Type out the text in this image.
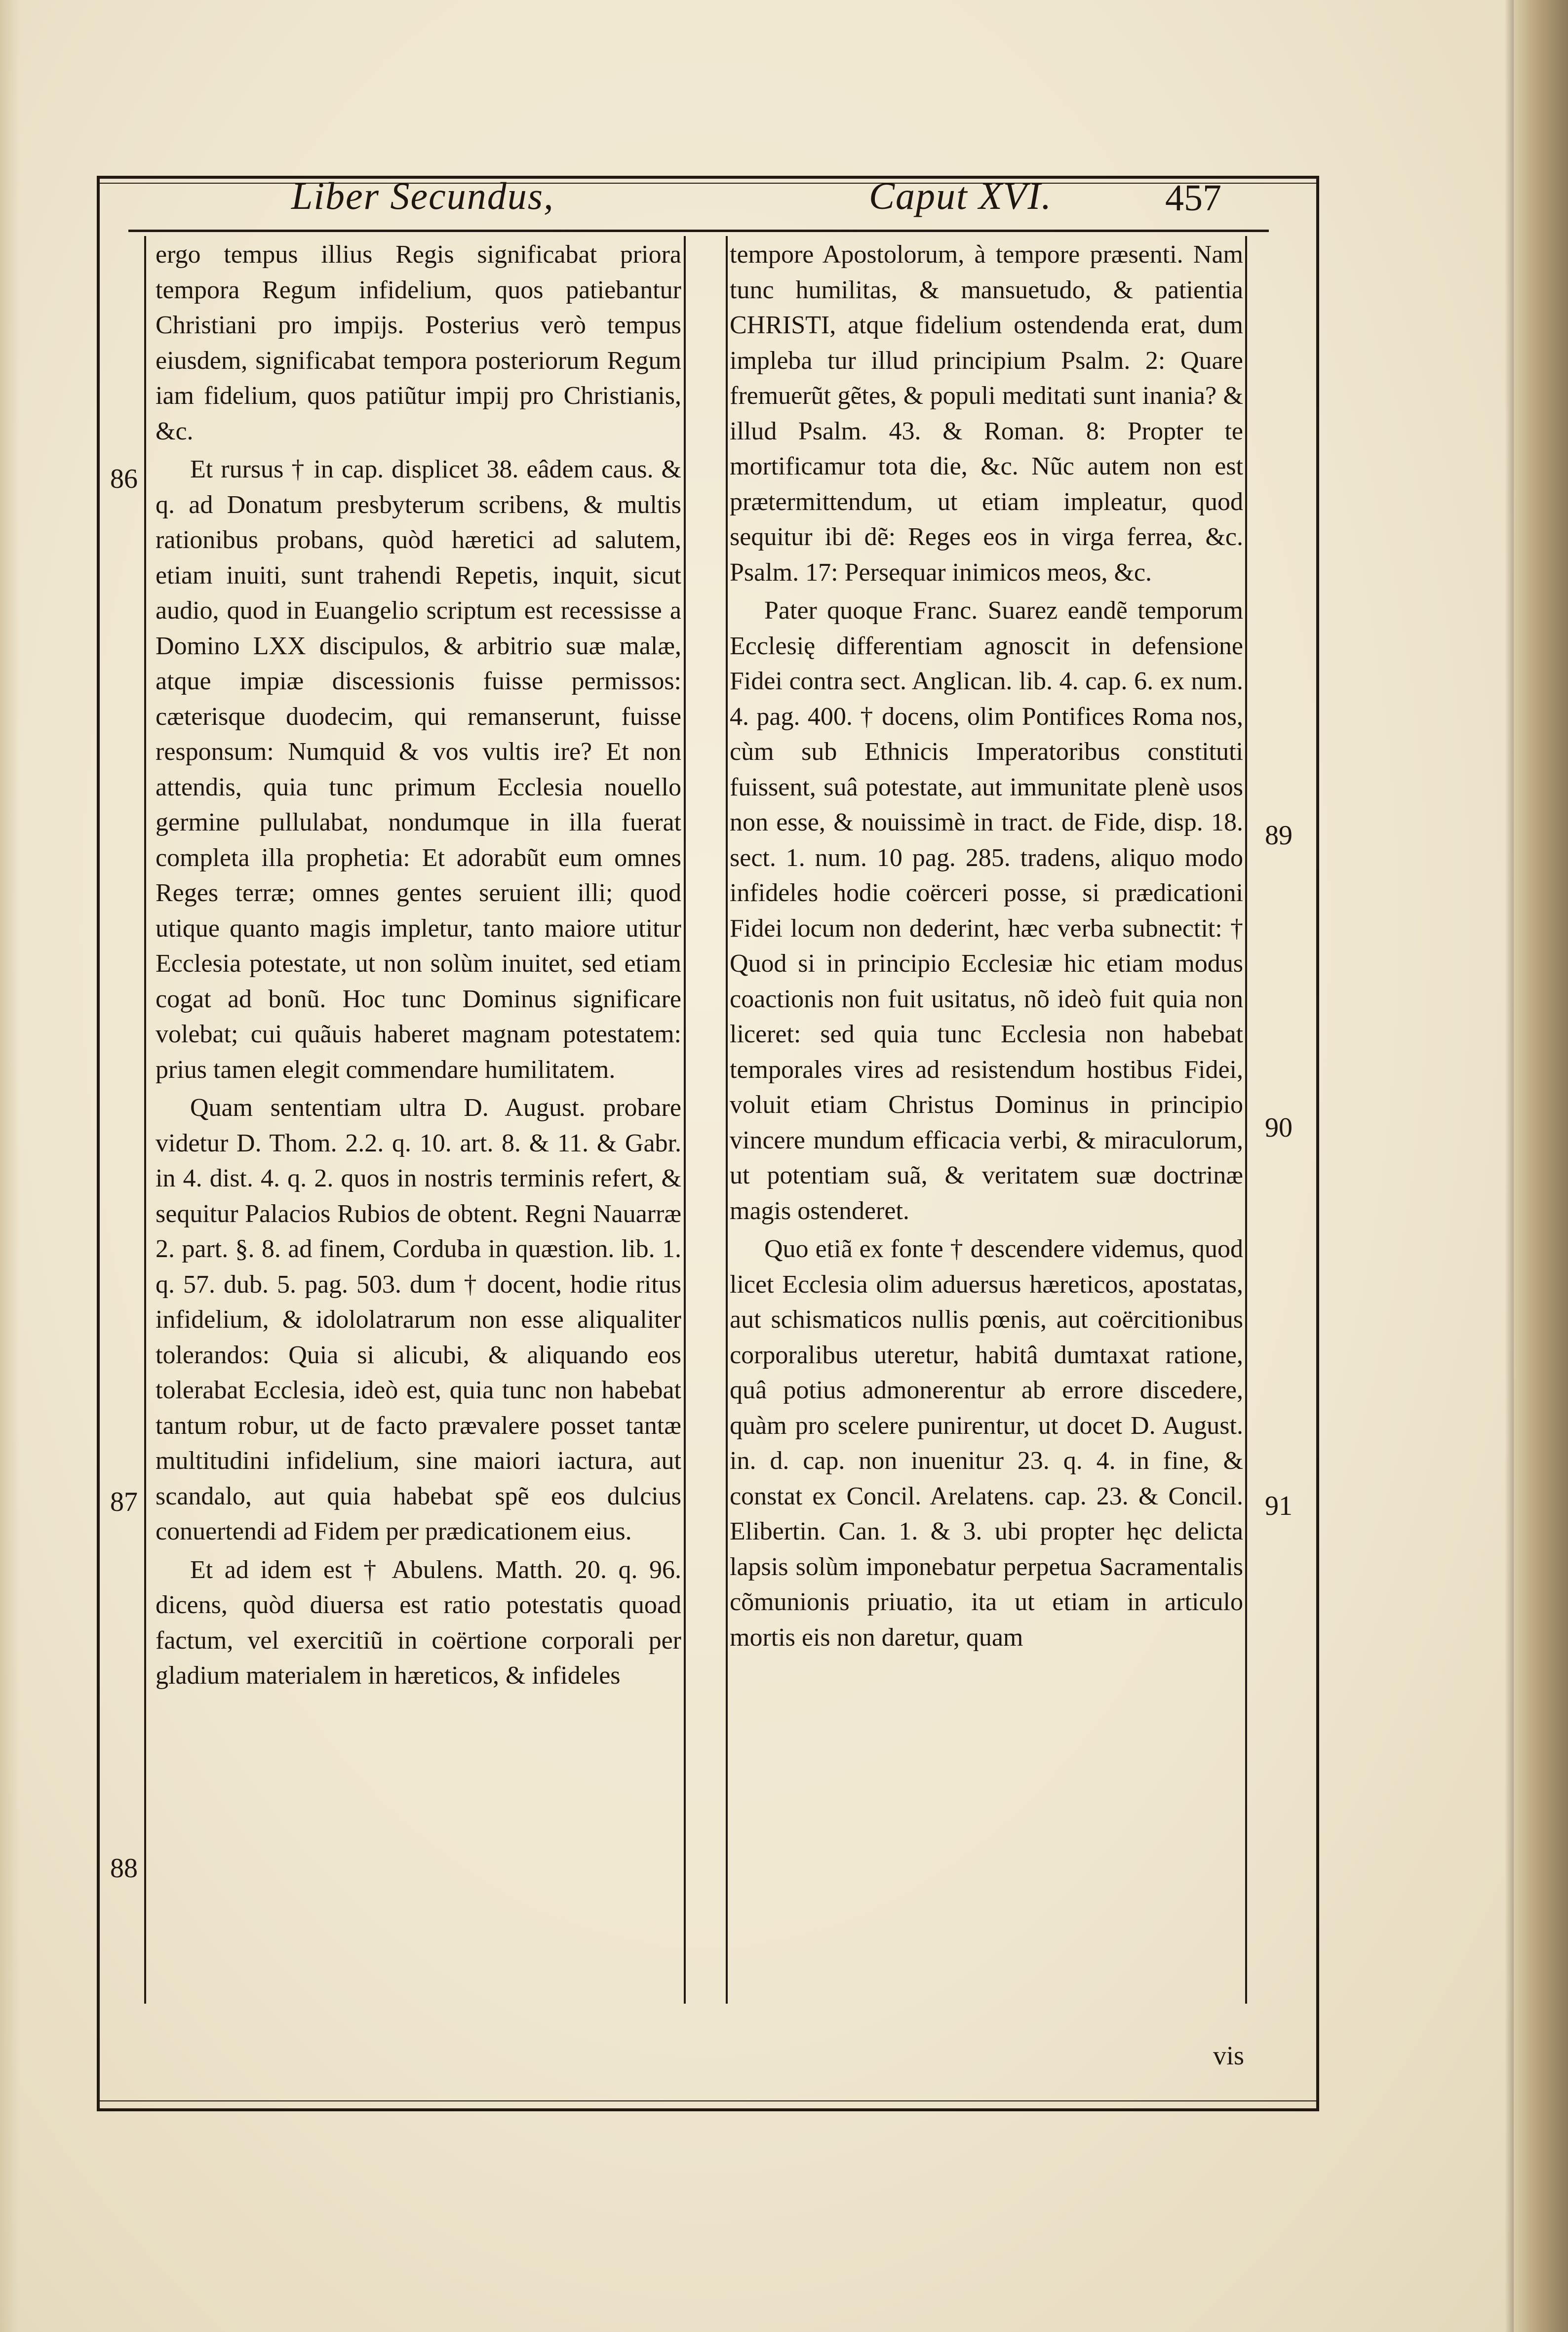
Liber Secundus,	Caput XVI.	457

ergo tempus illius Regis significabat priora tempora Regum infidelium, quos patiebantur Christiani pro impijs. Posterius verò tempus eiusdem, significabat tempora posteriorum Regum iam fidelium, quos patiũtur impij pro Christianis, &c.

Et rursus † in cap. displicet 38. eâdem caus. & q. ad Donatum presbyterum scribens, & multis rationibus probans, quòd hæretici ad salutem, etiam inuiti, sunt trahendi Repetis, inquit, sicut audio, quod in Euangelio scriptum est recessisse a Domino LXX discipulos, & arbitrio suæ malæ, atque impiæ discessionis fuisse permissos: cæterisque duodecim, qui remanserunt, fuisse responsum: Numquid & vos vultis ire? Et non attendis, quia tunc primum Ecclesia nouello germine pullulabat, nondumque in illa fuerat completa illa prophetia: Et adorabũt eum omnes Reges terræ; omnes gentes seruient illi; quod utique quanto magis impletur, tanto maiore utitur Ecclesia potestate, ut non solùm inuitet, sed etiam cogat ad bonũ. Hoc tunc Dominus significare volebat; cui quãuis haberet magnam potestatem: prius tamen elegit commendare humilitatem.

Quam sententiam ultra D. August. probare videtur D. Thom. 2.2. q. 10. art. 8. & 11. & Gabr. in 4. dist. 4. q. 2. quos in nostris terminis refert, & sequitur Palacios Rubios de obtent. Regni Nauarræ 2. part. §. 8. ad finem, Corduba in quæstion. lib. 1. q. 57. dub. 5. pag. 503. dum † docent, hodie ritus infidelium, & idololatrarum non esse aliqualiter tolerandos: Quia si alicubi, & aliquando eos tolerabat Ecclesia, ideò est, quia tunc non habebat tantum robur, ut de facto prævalere posset tantæ multitudini infidelium, sine maiori iactura, aut scandalo, aut quia habebat spẽ eos dulcius conuertendi ad Fidem per prædicationem eius.

Et ad idem est † Abulens. Matth. 20. q. 96. dicens, quòd diuersa est ratio potestatis quoad factum, vel exercitiũ in coërtione corporali per gladium materialem in hæreticos, & infideles

tempore Apostolorum, à tempore præsenti. Nam tunc humilitas, & mansuetudo, & patientia CHRISTI, atque fidelium ostendenda erat, dum impleba tur illud principium Psalm. 2: Quare fremuerũt gẽtes, & populi meditati sunt inania? & illud Psalm. 43. & Roman. 8: Propter te mortificamur tota die, &c. Nũc autem non est prætermittendum, ut etiam impleatur, quod sequitur ibi dẽ: Reges eos in virga ferrea, &c. Psalm. 17: Persequar inimicos meos, &c.

Pater quoque Franc. Suarez eandẽ temporum Ecclesię differentiam agnoscit in defensione Fidei contra sect. Anglican. lib. 4. cap. 6. ex num. 4. pag. 400. † docens, olim Pontifices Roma nos, cùm sub Ethnicis Imperatoribus constituti fuissent, suâ potestate, aut immunitate plenè usos non esse, & nouissimè in tract. de Fide, disp. 18. sect. 1. num. 10 pag. 285. tradens, aliquo modo infideles hodie coërceri posse, si prædicationi Fidei locum non dederint, hæc verba subnectit: † Quod si in principio Ecclesiæ hic etiam modus coactionis non fuit usitatus, nõ ideò fuit quia non liceret: sed quia tunc Ecclesia non habebat temporales vires ad resistendum hostibus Fidei, voluit etiam Christus Dominus in principio vincere mundum efficacia verbi, & miraculorum, ut potentiam suã, & veritatem suæ doctrinæ magis ostenderet.

Quo etiã ex fonte † descendere videmus, quod licet Ecclesia olim aduersus hæreticos, apostatas, aut schismaticos nullis pœnis, aut coërcitionibus corporalibus uteretur, habitâ dumtaxat ratione, quâ potius admonerentur ab errore discedere, quàm pro scelere punirentur, ut docet D. August. in. d. cap. non inuenitur 23. q. 4. in fine, & constat ex Concil. Arelatens. cap. 23. & Concil. Elibertin. Can. 1. & 3. ubi propter hęc delicta lapsis solùm imponebatur perpetua Sacramentalis cõmunionis priuatio, ita ut etiam in articulo mortis eis non daretur, quam

86
87
88
89
90
91
vis
